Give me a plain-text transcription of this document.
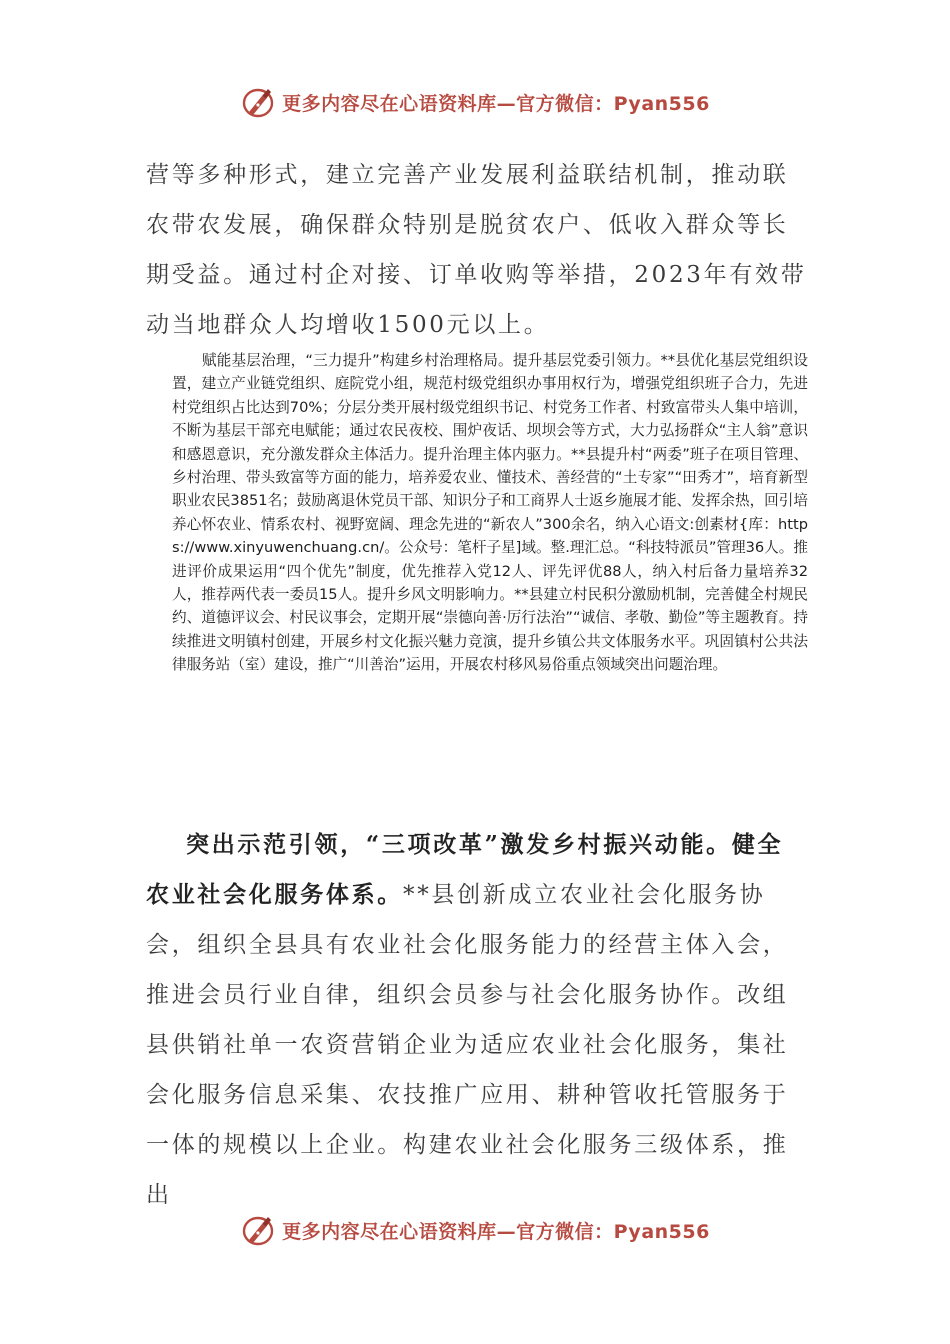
更多内容尽在心语资料库—官方微信：Pyan556

营等多种形式，建立完善产业发展利益联结机制，推动联农带农发展，确保群众特别是脱贫农户、低收入群众等长期受益。通过村企对接、订单收购等举措，2023年有效带动当地群众人均增收1500元以上。

赋能基层治理，“三力提升”构建乡村治理格局。提升基层党委引领力。**县优化基层党组织设置，建立产业链党组织、庭院党小组，规范村级党组织办事用权行为，增强党组织班子合力，先进村党组织占比达到70%；分层分类开展村级党组织书记、村党务工作者、村致富带头人集中培训，不断为基层干部充电赋能；通过农民夜校、围炉夜话、坝坝会等方式，大力弘扬群众“主人翁”意识和感恩意识，充分激发群众主体活力。提升治理主体内驱力。**县提升村“两委”班子在项目管理、乡村治理、带头致富等方面的能力，培养爱农业、懂技术、善经营的“土专家”“田秀才”，培育新型职业农民3851名；鼓励离退休党员干部、知识分子和工商界人士返乡施展才能、发挥余热，回引培养心怀农业、情系农村、视野宽阔、理念先进的“新农人”300余名，纳入心语文:创素材{库：https://www.xinyuwenchuang.cn/。公众号：笔杆子星]域。整.理汇总。“科技特派员”管理36人。推进评价成果运用“四个优先”制度，优先推荐入党12人、评先评优88人，纳入村后备力量培养32人，推荐两代表一委员15人。提升乡风文明影响力。**县建立村民积分激励机制，完善健全村规民约、道德评议会、村民议事会，定期开展“崇德向善·厉行法治”“诚信、孝敬、勤俭”等主题教育。持续推进文明镇村创建，开展乡村文化振兴魅力竞演，提升乡镇公共文体服务水平。巩固镇村公共法律服务站（室）建设，推广“川善治”运用，开展农村移风易俗重点领域突出问题治理。

突出示范引领，“三项改革”激发乡村振兴动能。健全农业社会化服务体系。**县创新成立农业社会化服务协会，组织全县具有农业社会化服务能力的经营主体入会，推进会员行业自律，组织会员参与社会化服务协作。改组县供销社单一农资营销企业为适应农业社会化服务，集社会化服务信息采集、农技推广应用、耕种管收托管服务于一体的规模以上企业。构建农业社会化服务三级体系，推出

更多内容尽在心语资料库—官方微信：Pyan556
